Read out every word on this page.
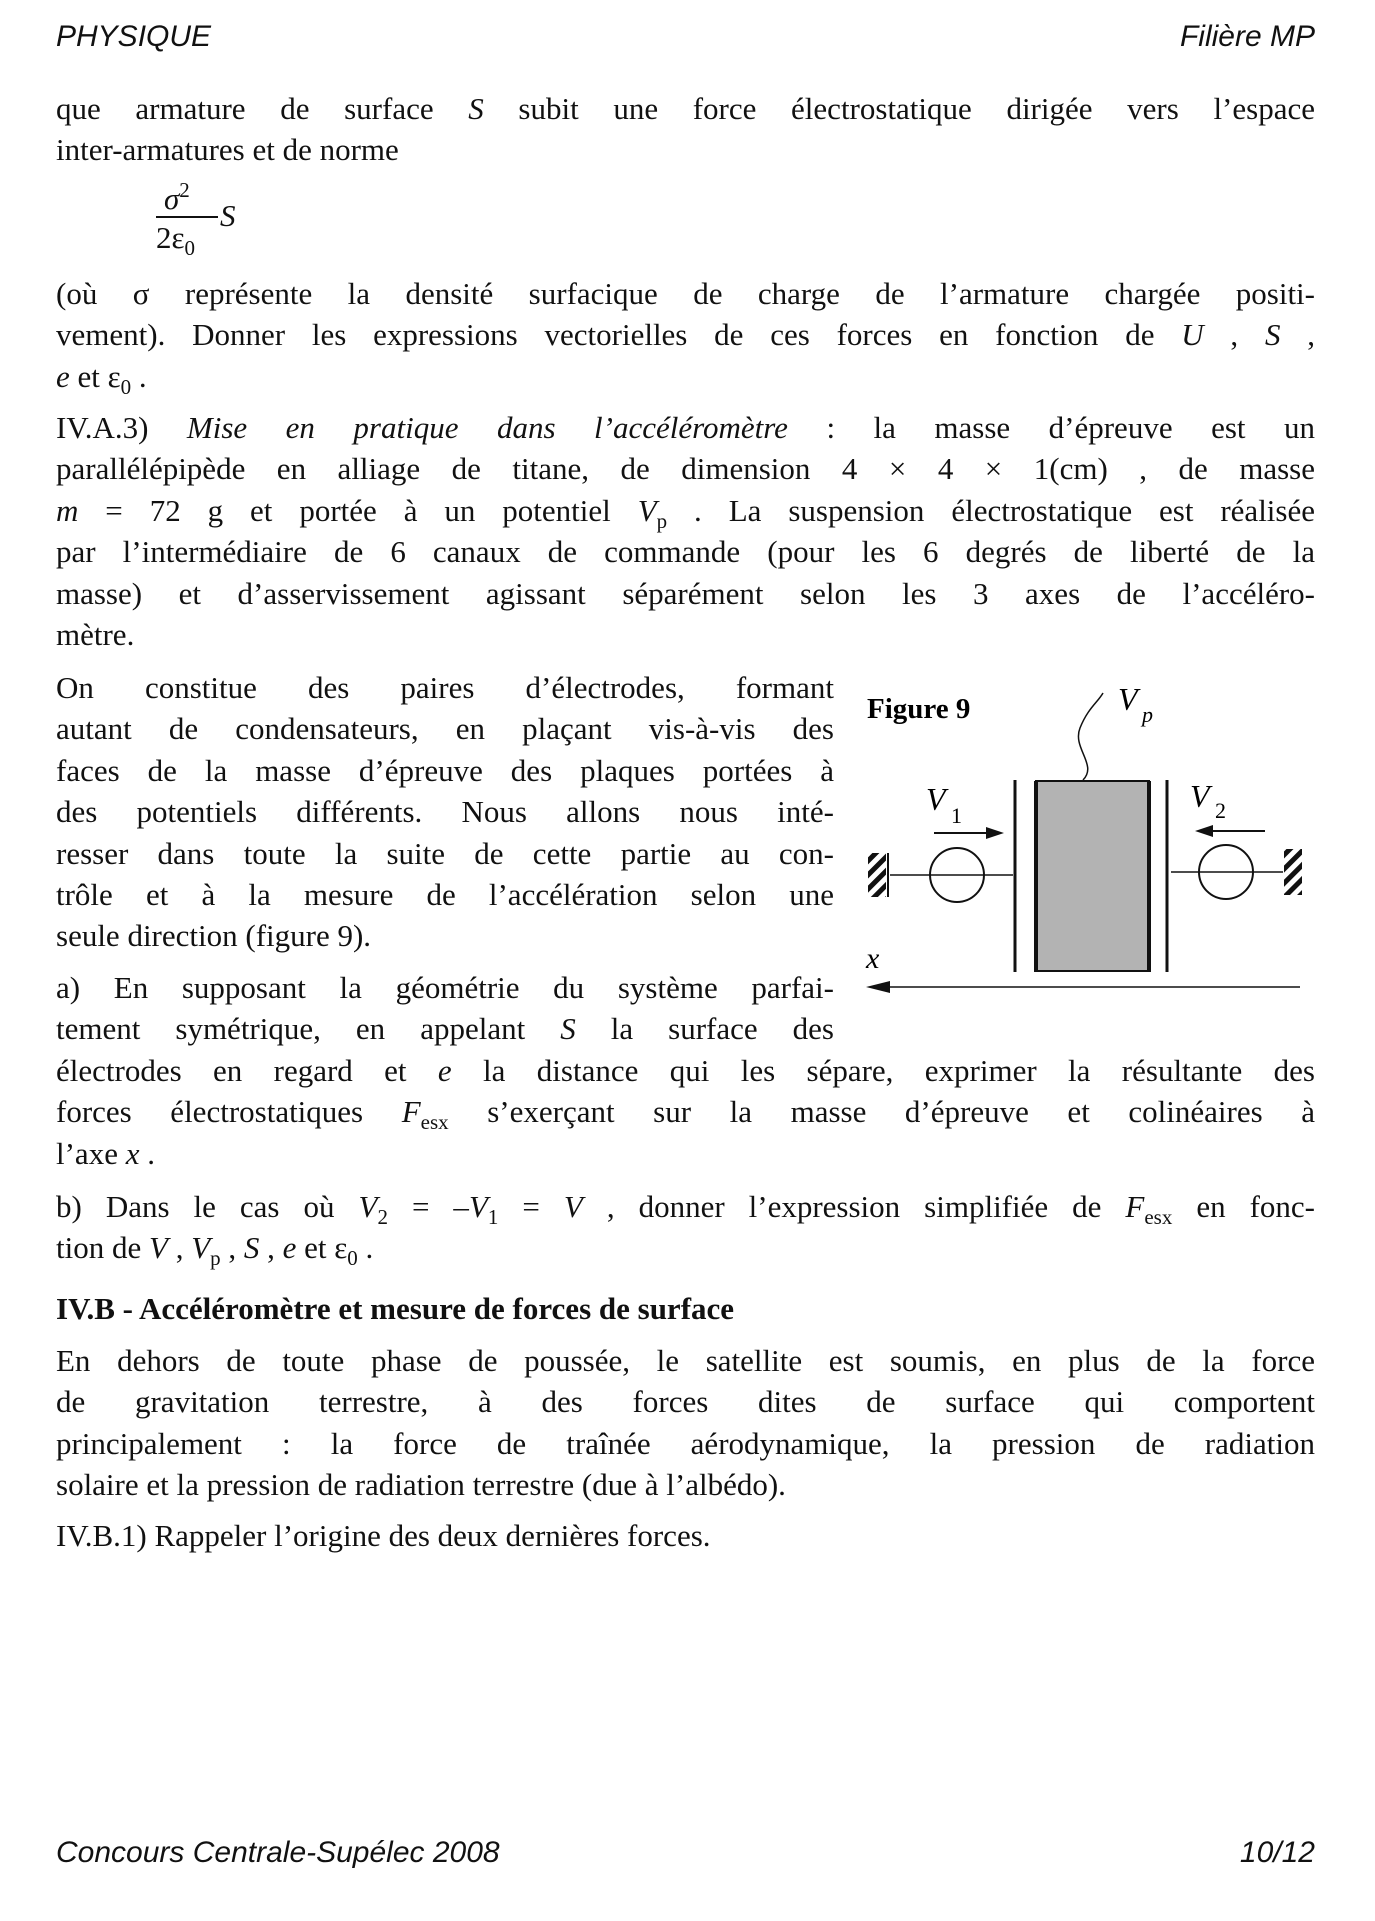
PHYSIQUE	Filière MP
que armature de surface S subit une force électrostatique dirigée vers l’espace
inter-armatures et de norme
$\sigma^2$
$2\varepsilon_0$
S
(où σ représente la densité surfacique de charge de l’armature chargée positi-
vement). Donner les expressions vectorielles de ces forces en fonction de U , S ,
e et $\varepsilon_0$ .
IV.A.3) Mise en pratique dans l’accéléromètre : la masse d’épreuve est un
parallélépipède en alliage de titane, de dimension 4 × 4 × 1(cm) , de masse
m = 72 g et portée à un potentiel $V_p$ . La suspension électrostatique est réalisée
par l’intermédiaire de 6 canaux de commande (pour les 6 degrés de liberté de la
masse) et d’asservissement agissant séparément selon les 3 axes de l’accéléro-
mètre.
On constitue des paires d’électrodes, formant
autant de condensateurs, en plaçant vis-à-vis des
faces de la masse d’épreuve des plaques portées à
des potentiels différents. Nous allons nous inté-
resser dans toute la suite de cette partie au con-
trôle et à la mesure de l’accélération selon une
seule direction (figure 9).
a) En supposant la géométrie du système parfai-
tement symétrique, en appelant S la surface des
électrodes en regard et e la distance qui les sépare, exprimer la résultante des
forces électrostatiques $F_{esx}$ s’exerçant sur la masse d’épreuve et colinéaires à
l’axe x .
b) Dans le cas où $V_2 = -V_1 = V$ , donner l’expression simplifiée de $F_{esx}$ en fonc-
tion de V , $V_p$ , S , e et $\varepsilon_0$ .
IV.B - Accéléromètre et mesure de forces de surface
En dehors de toute phase de poussée, le satellite est soumis, en plus de la force
de gravitation terrestre, à des forces dites de surface qui comportent
principalement : la force de traînée aérodynamique, la pression de radiation
solaire et la pression de radiation terrestre (due à l’albédo).
IV.B.1) Rappeler l’origine des deux dernières forces.
Figure 9	V p
V 1
V 2
x
Concours Centrale-Supélec 2008	10/12
